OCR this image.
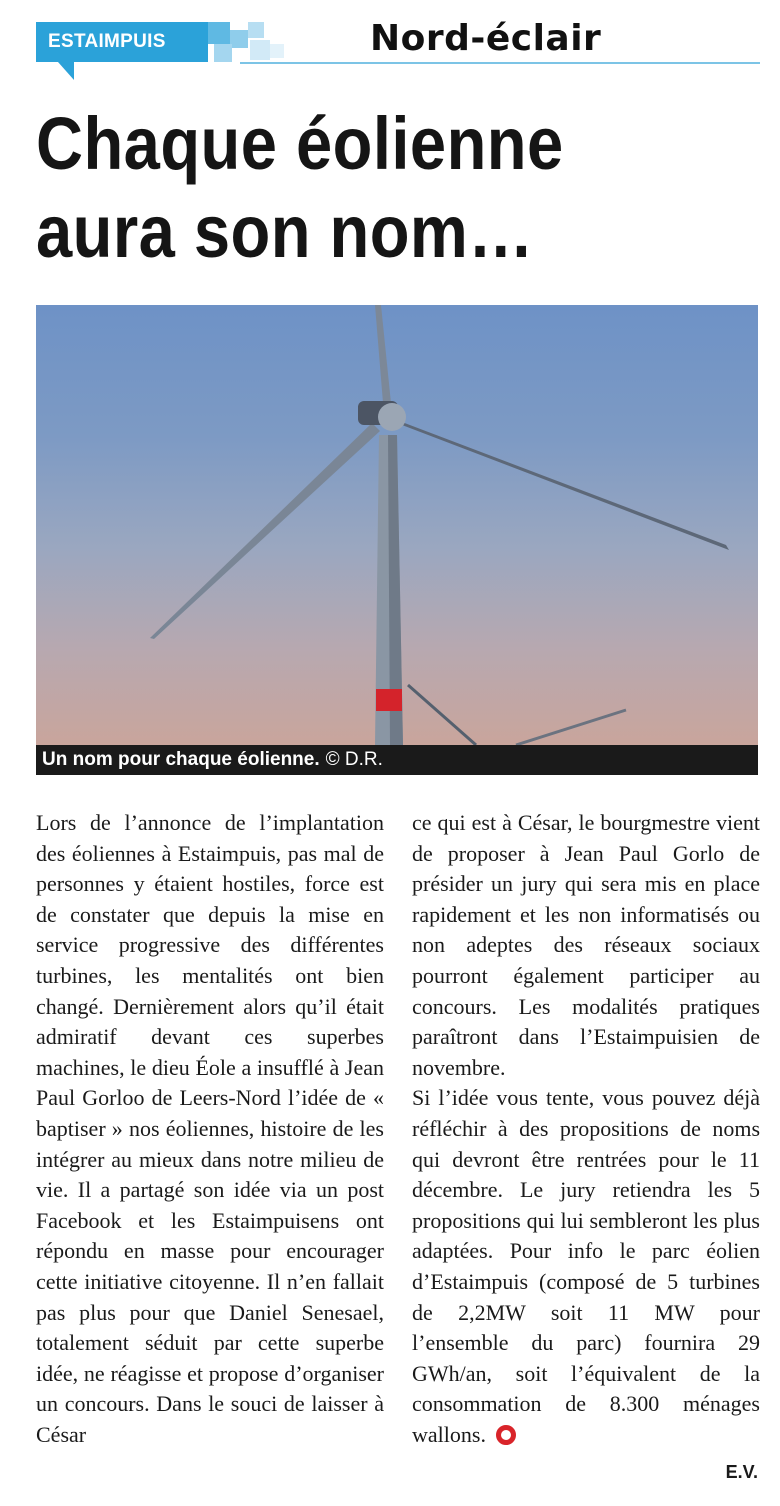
ESTAIMPUIS	Nord-éclair
Chaque éolienne
aura son nom…
Un nom pour chaque éolienne. © D.R.

Lors de l’annonce de l’implantation des éoliennes à Estaimpuis, pas mal de personnes y étaient hostiles, force est de constater que depuis la mise en service progressive des différentes turbines, les mentalités ont bien changé. Dernièrement alors qu’il était admiratif devant ces superbes machines, le dieu Éole a insufflé à Jean Paul Gorloo de Leers-Nord l’idée de « baptiser » nos éoliennes, histoire de les intégrer au mieux dans notre milieu de vie. Il a partagé son idée via un post Facebook et les Estaimpuisens ont répondu en masse pour encourager cette initiative citoyenne. Il n’en fallait pas plus pour que Daniel Senesael, totalement séduit par cette superbe idée, ne réagisse et propose d’organiser un concours. Dans le souci de laisser à César

ce qui est à César, le bourgmestre vient de proposer à Jean Paul Gorlo de présider un jury qui sera mis en place rapidement et les non informatisés ou non adeptes des réseaux sociaux pourront également participer au concours. Les modalités pratiques paraîtront dans l’Estaimpuisien de novembre.

Si l’idée vous tente, vous pouvez déjà réfléchir à des propositions de noms qui devront être rentrées pour le 11 décembre. Le jury retiendra les 5 propositions qui lui sembleront les plus adaptées. Pour info le parc éolien d’Estaimpuis (composé de 5 turbines de 2,2MW soit 11 MW pour l’ensemble du parc) fournira 29 GWh/an, soit l’équivalent de la consommation de 8.300 ménages wallons.

E.V.
